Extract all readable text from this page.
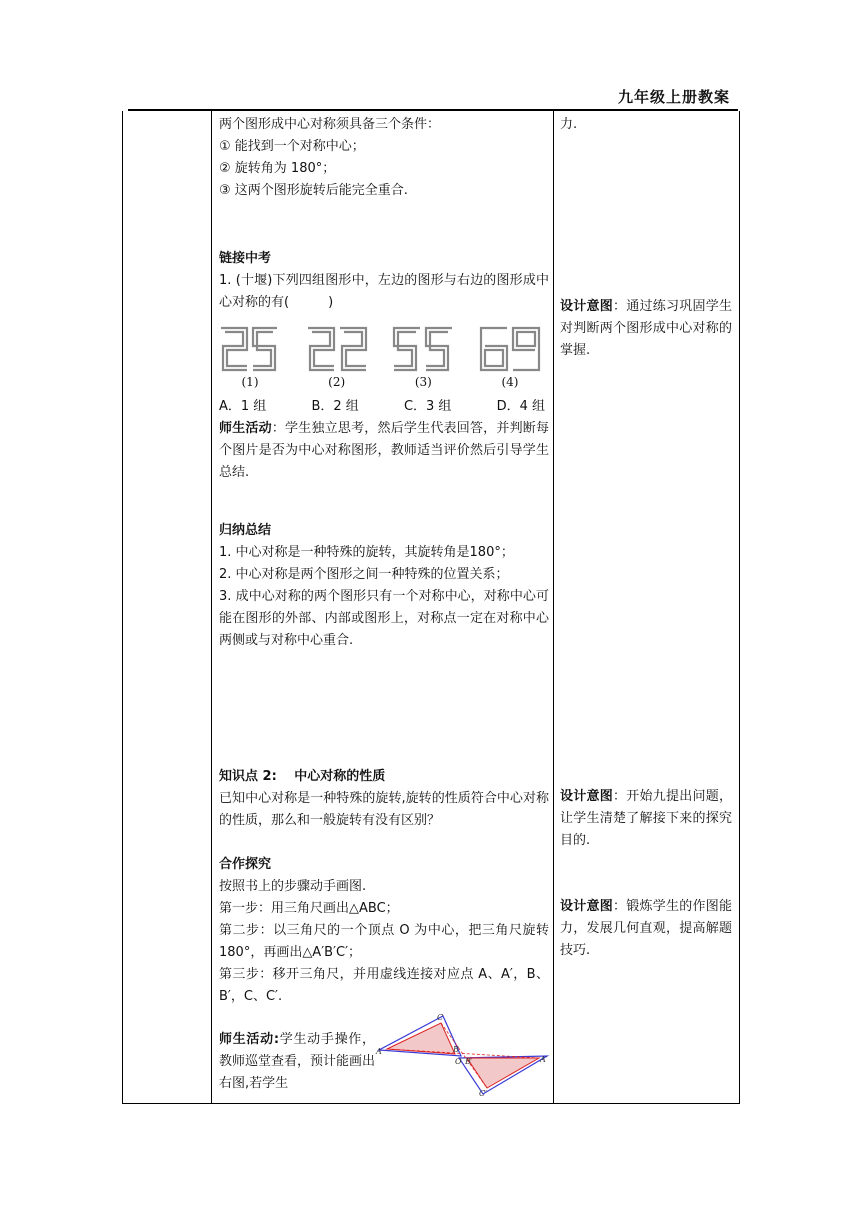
九年级上册教案

两个图形成中心对称须具备三个条件：

① 能找到一个对称中心；

② 旋转角为 180°；

③ 这两个图形旋转后能完全重合.

链接中考

1. (十堰)下列四组图形中，左边的图形与右边的图形成中心对称的有(　　　)

(1)	(2)	(3)	(4)
A．1 组	B．2 组	C．3 组	D．4 组

师生活动：学生独立思考，然后学生代表回答，并判断每个图片是否为中心对称图形，教师适当评价然后引导学生总结.

归纳总结

1. 中心对称是一种特殊的旋转，其旋转角是180°；

2. 中心对称是两个图形之间一种特殊的位置关系；

3. 成中心对称的两个图形只有一个对称中心，对称中心可能在图形的外部、内部或图形上，对称点一定在对称中心两侧或与对称中心重合.

知识点 2:　 中心对称的性质

已知中心对称是一种特殊的旋转,旋转的性质符合中心对称的性质，那么和一般旋转有没有区别？

合作探究

按照书上的步骤动手画图.

第一步：用三角尺画出△ABC；

第二步：以三角尺的一个顶点 O 为中心，把三角尺旋转 180°，再画出△A′B′C′；

第三步：移开三角尺，并用虚线连接对应点 A、A′，B、B′，C、C′.

师生活动:学生动手操作，教师巡堂查看，预计能画出右图,若学生

A
C
B
O B′	A′
C′

力.

设计意图：通过练习巩固学生对判断两个图形成中心对称的掌握.

设计意图：开始九提出问题，让学生清楚了解接下来的探究目的.

设计意图：锻炼学生的作图能力，发展几何直观，提高解题技巧.
